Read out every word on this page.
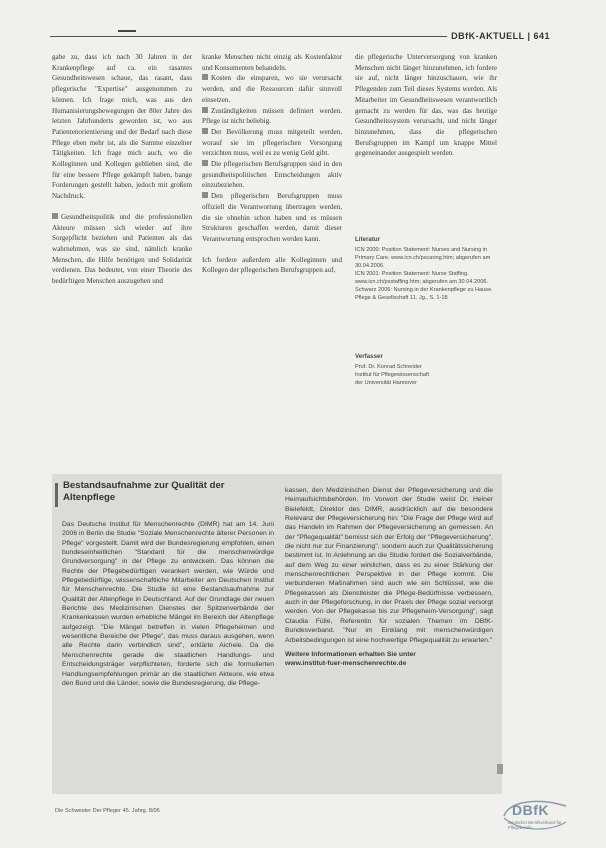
DBfK-AKTUELL | 641

gabe zu, dass ich nach 30 Jahren in der Krankenpflege auf ca. ein rasantes Gesundheitswesen schaue, das rasant, dass pflegerische "Expertise" ausgenommen zu können. Ich frage mich, was aus den Humanisierungsbewegungen der 80er Jahre des letzten Jahrhunderts geworden ist, wo aus Patientenorientierung und der Bedarf nach diese Pflege eben mehr ist, als die Summe einzelner Tätigkeiten. Ich frage mich auch, wo die Kolleginnen und Kollegen geblieben sind, die für eine bessere Pflege gekämpft haben, bange Forderungen gestellt haben, jedoch mit großem Nachdruck.

Gesundheitspolitik und die professionellen Akteure müssen sich wieder auf ihre Sorgepflicht beziehen und Patienten als das wahrnehmen, was sie sind, nämlich kranke Menschen, die Hilfe benötigen und Solidarität verdienen. Das bedeutet, von einer Theorie des bedürftigen Menschen auszugehen und

kranke Menschen nicht einzig als Kostenfaktor und Konsumenten behandeln.

Kosten die einsparen, wo sie verursacht werden, und die Ressourcen dafür sinnvoll einsetzen.

Zuständigkeiten müssen definiert werden. Pflege ist nicht beliebig.

Der Bevölkerung muss mitgeteilt werden, worauf sie im pflegerischen Versorgung verzichten muss, weil es zu wenig Geld gibt.

Die pflegerischen Berufsgruppen sind in den gesundheitspolitischen Entscheidungen aktiv einzubeziehen.

Den pflegerischen Berufsgruppen muss offiziell die Verantwortung übertragen werden, die sie ohnehin schon haben und es müssen Strukturen geschaffen werden, damit dieser Verantwortung entsprochen werden kann.

Ich fordere außerdem alle Kolleginnen und Kollegen der pflegerischen Berufsgruppen auf,

die pflegerische Unterversorgung von kranken Menschen nicht länger hinzunehmen, ich fordere sie auf, nicht länger hinzuschauen, wie ihr Pflegenden zum Teil dieses Systems werden. Als Mitarbeiter im Gesundheitswesen verantwortlich gemacht zu werden für das, was das heutige Gesundheitssystem verursacht, und nicht länger hinzunehmen, dass die pflegerischen Berufsgruppen im Kampf um knappe Mittel gegeneinander ausgespielt werden.

Literatur
ICN 2000: Position Statement: Nurses and Nursing in Primary Care. www.icn.ch/pscaring.htm; abgerufen am 30.04.2006.
ICN 2001: Position Statement: Nurse Staffing. www.icn.ch/psstaffing.htm; abgerufen am 30.04.2006.
Schwarz 2006: Nursing in der Krankenpflege zu Hause. Pflege & Gesellschaft 11. Jg., S. 1-18
Verfasser
Prof. Dr. Konrad Schneider
Institut für Pflegewissenschaft
der Universität Hannover
Bestandsaufnahme zur Qualität der Altenpflege

Das Deutsche Institut für Menschenrechte (DIMR) hat am 14. Juni 2006 in Berlin die Studie "Soziale Menschenrechte älterer Personen in Pflege" vorgestellt. Damit wird der Bundesregierung empfohlen, einen bundeseinheitlichen "Standard für die menschenwürdige Grundversorgung" in der Pflege zu entwickeln. Das können die Rechte der Pflegebedürftigen verankert werden, wie Würde und Pflegebedürftige, wissenschaftliche Mitarbeiter am Deutschen Institut für Menschenrechte. Die Studie ist eine Bestandsaufnahme zur Qualität der Altenpflege in Deutschland. Auf der Grundlage der neuen Berichte des Medizinischen Dienstes der Spitzenverbände der Krankenkassen wurden erhebliche Mängel im Bereich der Altenpflege aufgezeigt. "Die Mängel betreffen in vielen Pflegeheimen und wesentliche Bereiche der Pflege", das muss daraus ausgehen, wenn alle Rechte darin verbindlich sind", erklärte Aichele. Da die Menschenrechte gerade die staatlichen Handlungs- und Entscheidungsträger verpflichteten, forderte sich die formulierten Handlungsempfehlungen primär an die staatlichen Akteure, wie etwa den Bund und die Länder, sowie die Bundesregierung, die Pflege-

kassen, den Medizinischen Dienst der Pflegeversicherung und die Heimaufsichtsbehörden. Im Vorwort der Studie weist Dr. Heiner Bielefeldt, Direktor des DIMR, ausdrücklich auf die besondere Relevanz der Pflegeversicherung hin: "Die Frage der Pflege wird auf das Handeln im Rahmen der Pflegeversicherung an gemessen. An der "Pflegequalität" bemisst sich der Erfolg der "Pflegeversicherung", die nicht nur zur Finanzierung", sondern auch zur Qualitätssicherung bestimmt ist. In Anlehnung an die Studie fordert die Sozialverbände, auf dem Weg zu einer wirklichen, dass es zu einer Stärkung der menschenrechtlichen Perspektive in der Pflege kommt. Die verbundenen Maßnahmen sind auch wie ein Schlüssel, wie die Pflegekassen als Dienstleister die Pflege-Bedürfnisse verbessern, auch in der Pflegeforschung, in der Praxis der Pflege sozial versorgt werden. Von der Pflegekasse bis zur Pflegeheim-Versorgung", sagt Claudia Fülle, Referentin für sozialen Themen im DBfK-Bundesverband. "Nur im Einklang mit menschenwürdigen Arbeitsbedingungen ist eine hochwertige Pflegequalität zu erwarten."

Weitere Informationen erhalten Sie unter

www.institut-fuer-menschenrechte.de

Die Schwester Der Pfleger 45. Jahrg. 8/06	DBfK
Deutscher Berufsverband für Pflegeberufe
